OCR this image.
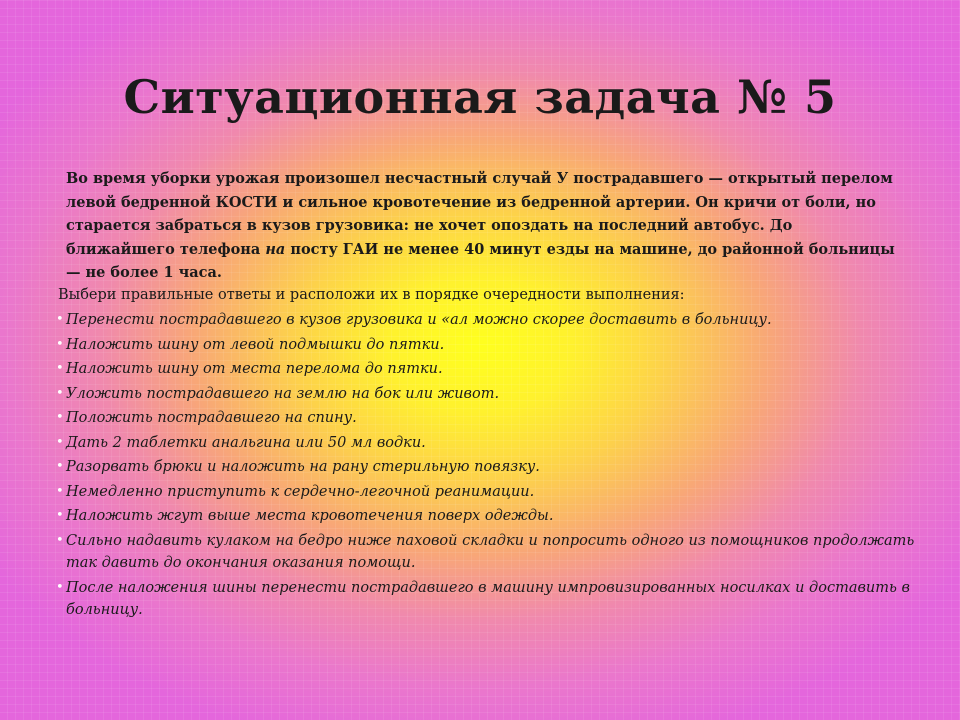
Ситуационная задача № 5

Во время уборки урожая произошел несчастный случай У пострадавшего — открытый перелом левой бедренной КОСТИ и сильное кровотечение из бедренной артерии. Он кричи от боли, но старается забраться в кузов грузовика: не хочет опоздать на последний автобус. До ближайшего телефона на посту ГАИ не менее 40 минут езды на машине, до районной больницы — не более 1 часа.

Выбери правильные ответы и расположи их в порядке очередности выполнения:

• Перенести пострадавшего в кузов грузовика и «ал можно скорее доставить в больницу.
• Наложить шину от левой подмышки до пятки.
• Наложить шину от места перелома до пятки.
• Уложить пострадавшего на землю на бок или живот.
• Положить пострадавшего на спину.
• Дать 2 таблетки анальгина или 50 мл водки.
• Разорвать брюки и наложить на рану стерильную повязку.
• Немедленно приступить к сердечно-легочной реанимации.
• Наложить жгут выше места кровотечения поверх одежды.
• Сильно надавить кулаком на бедро ниже паховой складки и попросить одного из помощников продолжать так давить до окончания оказания помощи.
• После наложения шины перенести пострадавшего в машину импровизированных носилках и доставить в больницу.
